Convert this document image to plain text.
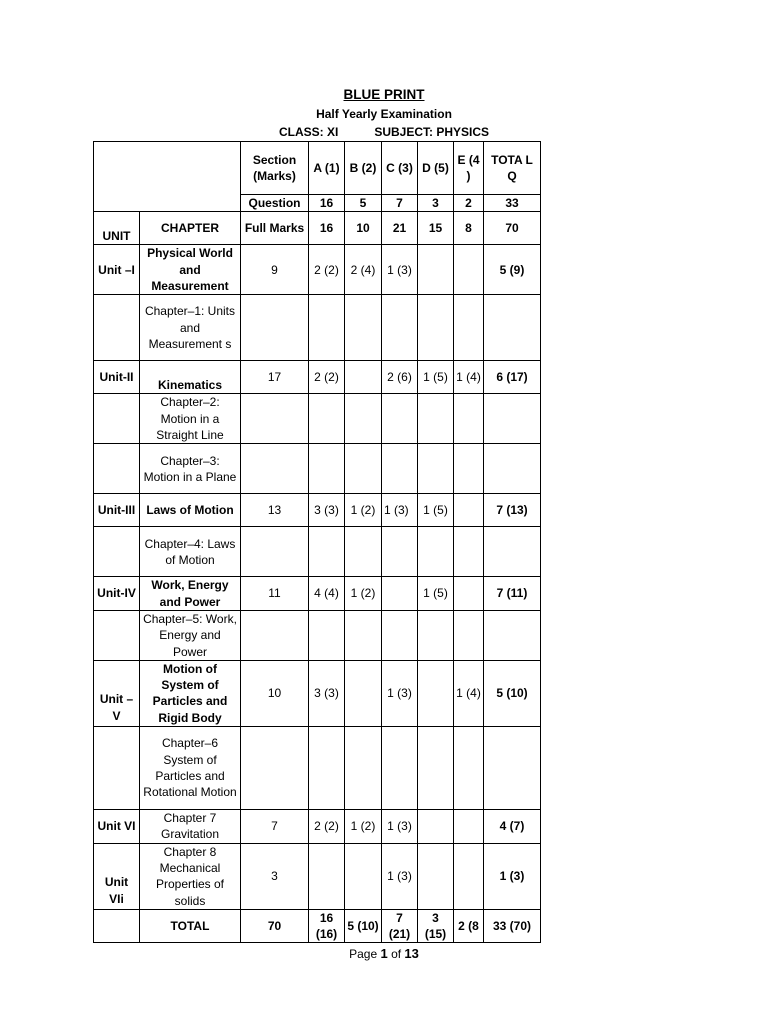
BLUE PRINT
Half Yearly Examination
CLASS: XI	SUBJECT: PHYSICS
		Section (Marks)	A (1)	B (2)	C (3)	D (5)	E (4 )	TOTA L Q
		Question	16	5	7	3	2	33
UNIT	CHAPTER	Full Marks	16	10	21	15	8	70
Unit –I	Physical World and Measurement	9	2 (2)	2 (4)	1 (3)			5 (9)
	Chapter–1: Units and Measurement s							
Unit-II	Kinematics	17	2 (2)		2 (6)	1 (5)	1 (4)	6 (17)
	Chapter–2: Motion in a Straight Line							
	Chapter–3: Motion in a Plane							
Unit-III	Laws of Motion	13	3 (3)	1 (2)	1 (3)	1 (5)		7 (13)
	Chapter–4: Laws of Motion							
Unit-IV	Work, Energy and Power	11	4 (4)	1 (2)		1 (5)		7 (11)
	Chapter–5: Work, Energy and Power							
Unit –V	Motion of System of Particles and Rigid Body	10	3 (3)		1 (3)		1 (4)	5 (10)
	Chapter–6 System of Particles and Rotational Motion							
Unit VI	Chapter 7 Gravitation	7	2 (2)	1 (2)	1 (3)			4 (7)
Unit VIi	Chapter 8 Mechanical Properties of solids	3			1 (3)			1 (3)
	TOTAL	70	16 (16)	5 (10)	7 (21)	3 (15)	2 (8	33 (70)
Page 1 of 13
